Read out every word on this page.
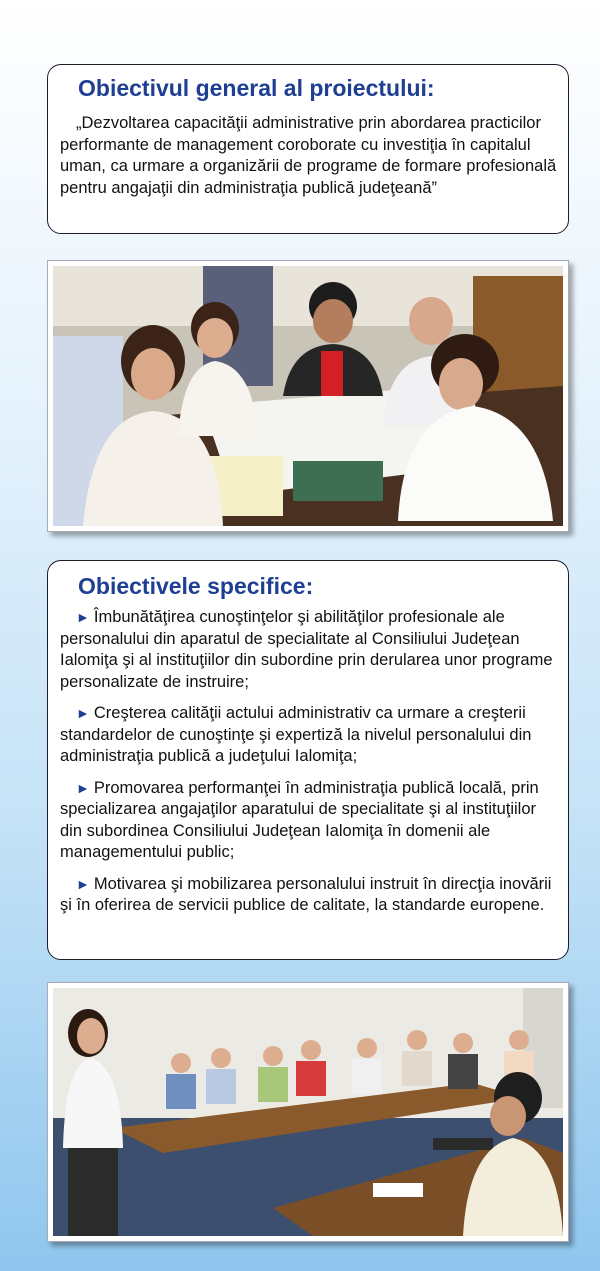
Obiectivul general al proiectului:

„Dezvoltarea capacităţii administrative prin abordarea practicilor performante de management coroborate cu investiţia în capitalul uman, ca urmare a organizării de programe de formare profesională pentru angajaţii din administraţia publică judeţeană”

Obiectivele specifice:
► Îmbunătăţirea cunoştinţelor şi abilităţilor profesionale ale personalului din aparatul de specialitate al Consiliului Judeţean Ialomiţa şi al instituţiilor din subordine prin derularea unor programe personalizate de instruire;
► Creşterea calităţii actului administrativ ca urmare a creşterii standardelor de cunoştinţe şi expertiză la nivelul personalului din administraţia publică a judeţului Ialomiţa;
► Promovarea performanţei în administraţia publică locală, prin specializarea angajaţilor aparatului de specialitate şi al instituţiilor din subordinea Consiliului Judeţean Ialomiţa în domenii ale managementului public;
► Motivarea şi mobilizarea personalului instruit în direcţia inovării şi în oferirea de servicii publice de calitate, la standarde europene.
